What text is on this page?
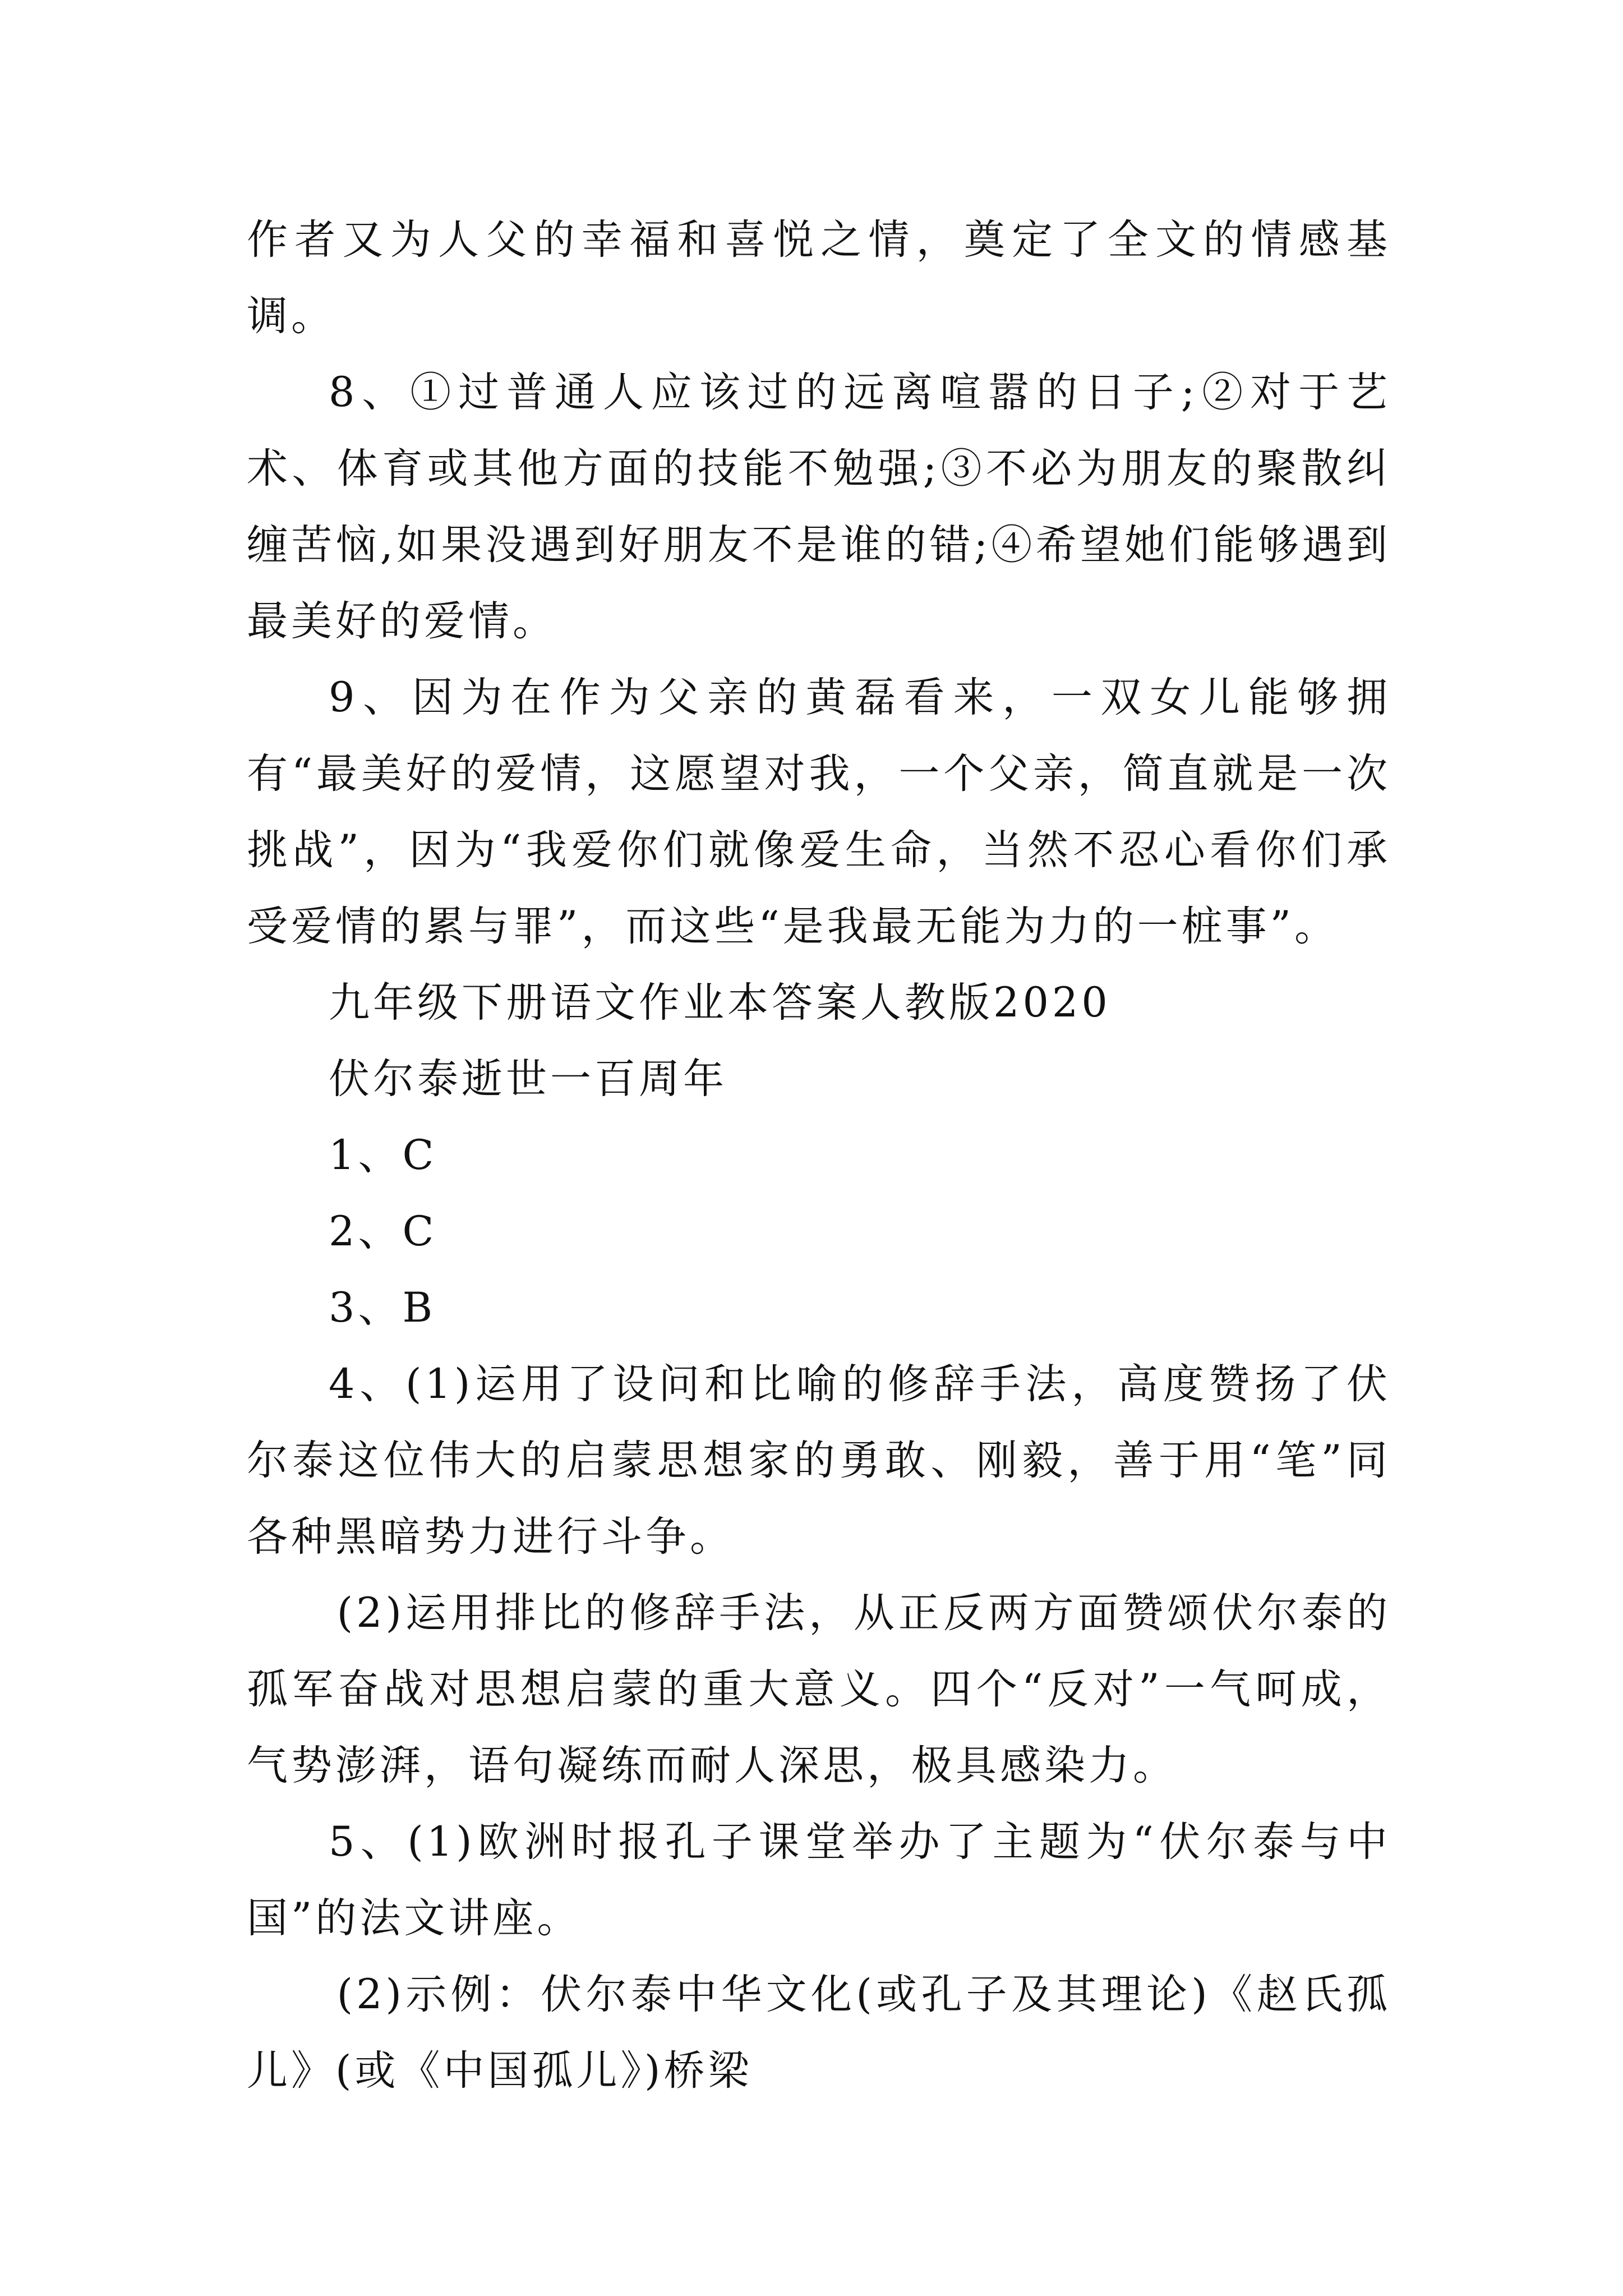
作者又为人父的幸福和喜悦之情，奠定了全文的情感基调。

8、①过普通人应该过的远离喧嚣的日子;②对于艺术、体育或其他方面的技能不勉强;③不必为朋友的聚散纠缠苦恼,如果没遇到好朋友不是谁的错;④希望她们能够遇到最美好的爱情。

9、因为在作为父亲的黄磊看来，一双女儿能够拥有“最美好的爱情，这愿望对我，一个父亲，简直就是一次挑战”，因为“我爱你们就像爱生命，当然不忍心看你们承受爱情的累与罪”，而这些“是我最无能为力的一桩事”。

九年级下册语文作业本答案人教版2020

伏尔泰逝世一百周年

1、C

2、C

3、B

4、(1)运用了设问和比喻的修辞手法，高度赞扬了伏尔泰这位伟大的启蒙思想家的勇敢、刚毅，善于用“笔”同各种黑暗势力进行斗争。

(2)运用排比的修辞手法，从正反两方面赞颂伏尔泰的孤军奋战对思想启蒙的重大意义。四个“反对”一气呵成，气势澎湃，语句凝练而耐人深思，极具感染力。

5、(1)欧洲时报孔子课堂举办了主题为“伏尔泰与中国”的法文讲座。

(2)示例：伏尔泰中华文化(或孔子及其理论)《赵氏孤儿》(或《中国孤儿》)桥梁
